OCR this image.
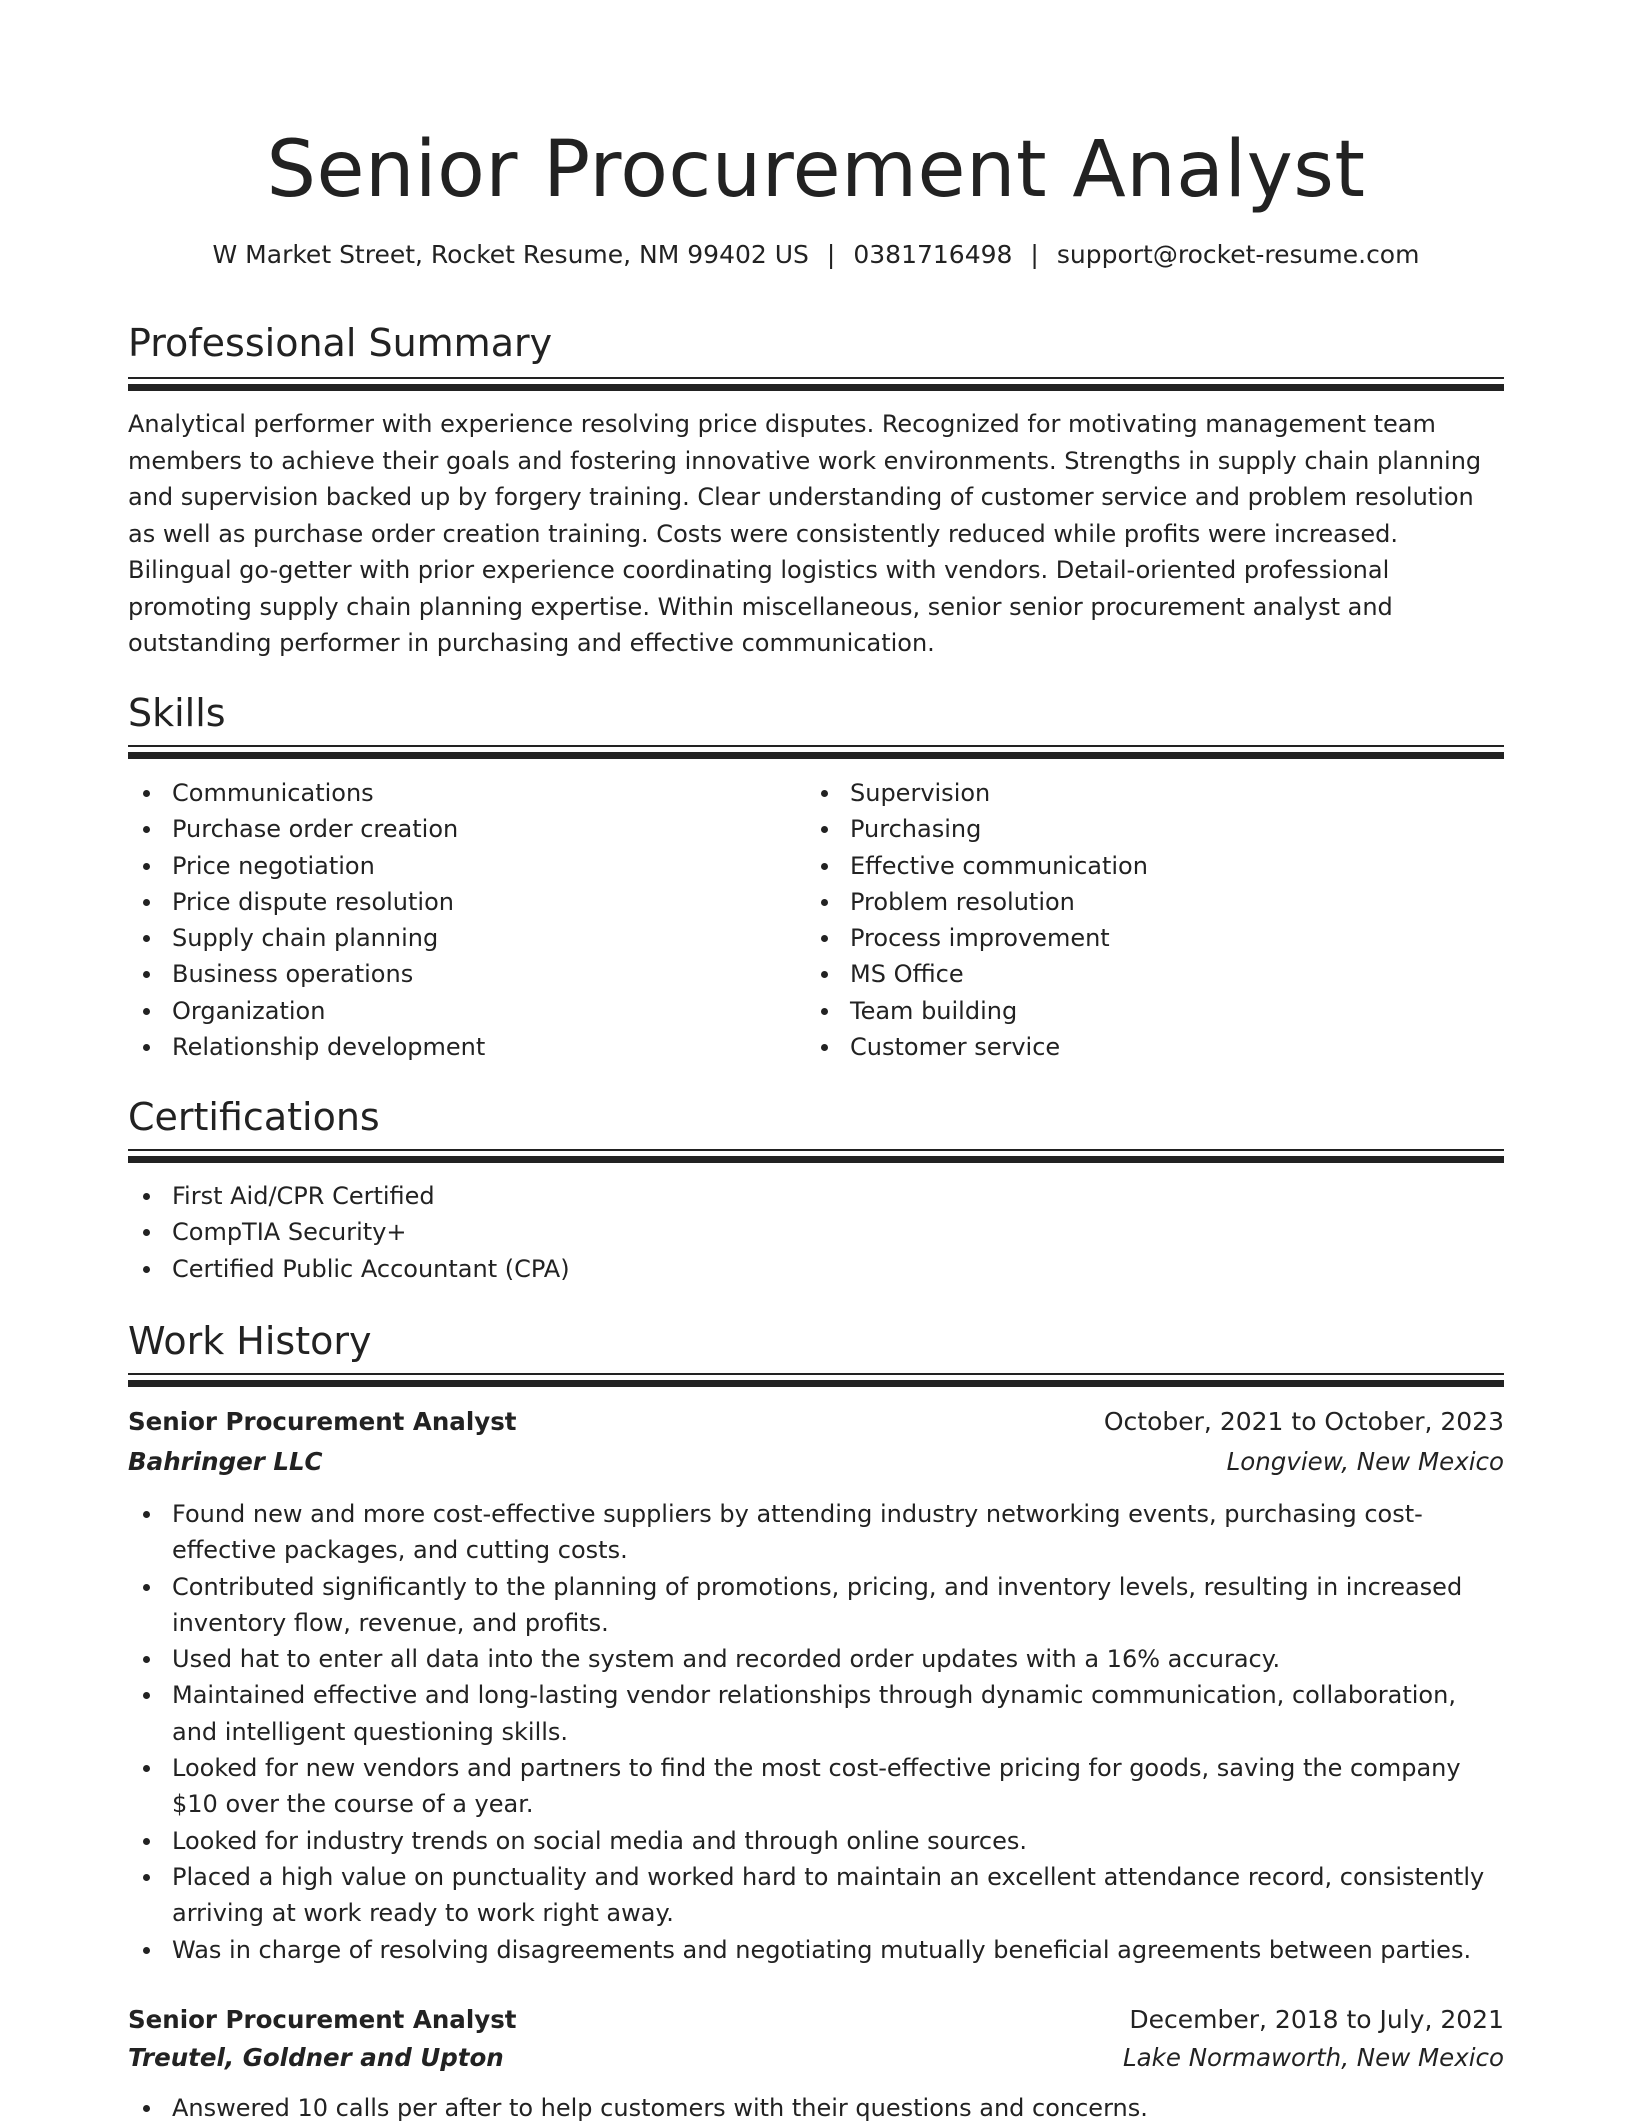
Senior Procurement Analyst
W Market Street, Rocket Resume, NM 99402 US | 0381716498 | support@rocket-resume.com
Professional Summary

Analytical performer with experience resolving price disputes. Recognized for motivating management team members to achieve their goals and fostering innovative work environments. Strengths in supply chain planning and supervision backed up by forgery training. Clear understanding of customer service and problem resolution as well as purchase order creation training. Costs were consistently reduced while profits were increased. Bilingual go-getter with prior experience coordinating logistics with vendors. Detail-oriented professional promoting supply chain planning expertise. Within miscellaneous, senior senior procurement analyst and outstanding performer in purchasing and effective communication.

Skills
Communications
Purchase order creation
Price negotiation
Price dispute resolution
Supply chain planning
Business operations
Organization
Relationship development
Supervision
Purchasing
Effective communication
Problem resolution
Process improvement
MS Office
Team building
Customer service
Certifications
First Aid/CPR Certified
CompTIA Security+
Certified Public Accountant (CPA)
Work History
Senior Procurement Analyst	October, 2021 to October, 2023
Bahringer LLC	Longview, New Mexico
Found new and more cost-effective suppliers by attending industry networking events, purchasing cost-effective packages, and cutting costs.
Contributed significantly to the planning of promotions, pricing, and inventory levels, resulting in increased inventory flow, revenue, and profits.
Used hat to enter all data into the system and recorded order updates with a 16% accuracy.
Maintained effective and long-lasting vendor relationships through dynamic communication, collaboration, and intelligent questioning skills.
Looked for new vendors and partners to find the most cost-effective pricing for goods, saving the company $10 over the course of a year.
Looked for industry trends on social media and through online sources.
Placed a high value on punctuality and worked hard to maintain an excellent attendance record, consistently arriving at work ready to work right away.
Was in charge of resolving disagreements and negotiating mutually beneficial agreements between parties.
Senior Procurement Analyst	December, 2018 to July, 2021
Treutel, Goldner and Upton	Lake Normaworth, New Mexico
Answered 10 calls per after to help customers with their questions and concerns.
